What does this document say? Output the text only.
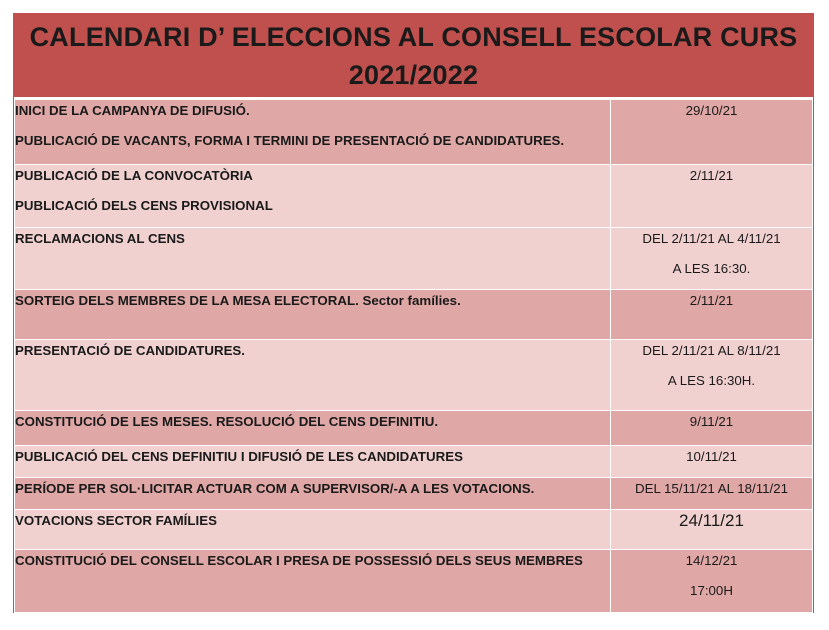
CALENDARI D’ ELECCIONS AL CONSELL ESCOLAR CURS
2021/2022
INICI DE LA CAMPANYA DE DIFUSIÓ.
PUBLICACIÓ DE VACANTS, FORMA I TERMINI DE PRESENTACIÓ DE CANDIDATURES.	29/10/21

PUBLICACIÓ DE LA CONVOCATÒRIA
PUBLICACIÓ DELS CENS PROVISIONAL	2/11/21

RECLAMACIONS AL CENS	DEL 2/11/21 AL 4/11/21
A LES 16:30.

SORTEIG DELS MEMBRES DE LA MESA ELECTORAL. Sector famílies.	2/11/21

PRESENTACIÓ DE CANDIDATURES.	DEL 2/11/21 AL 8/11/21
A LES 16:30H.

CONSTITUCIÓ DE LES MESES. RESOLUCIÓ DEL CENS DEFINITIU.	9/11/21

PUBLICACIÓ DEL CENS DEFINITIU I DIFUSIÓ DE LES CANDIDATURES	10/11/21

PERÍODE PER SOL·LICITAR ACTUAR COM A SUPERVISOR/-A A LES VOTACIONS.	DEL 15/11/21 AL 18/11/21

VOTACIONS SECTOR FAMÍLIES	24/11/21

CONSTITUCIÓ DEL CONSELL ESCOLAR I PRESA DE POSSESSIÓ DELS SEUS MEMBRES	14/12/21
17:00H
